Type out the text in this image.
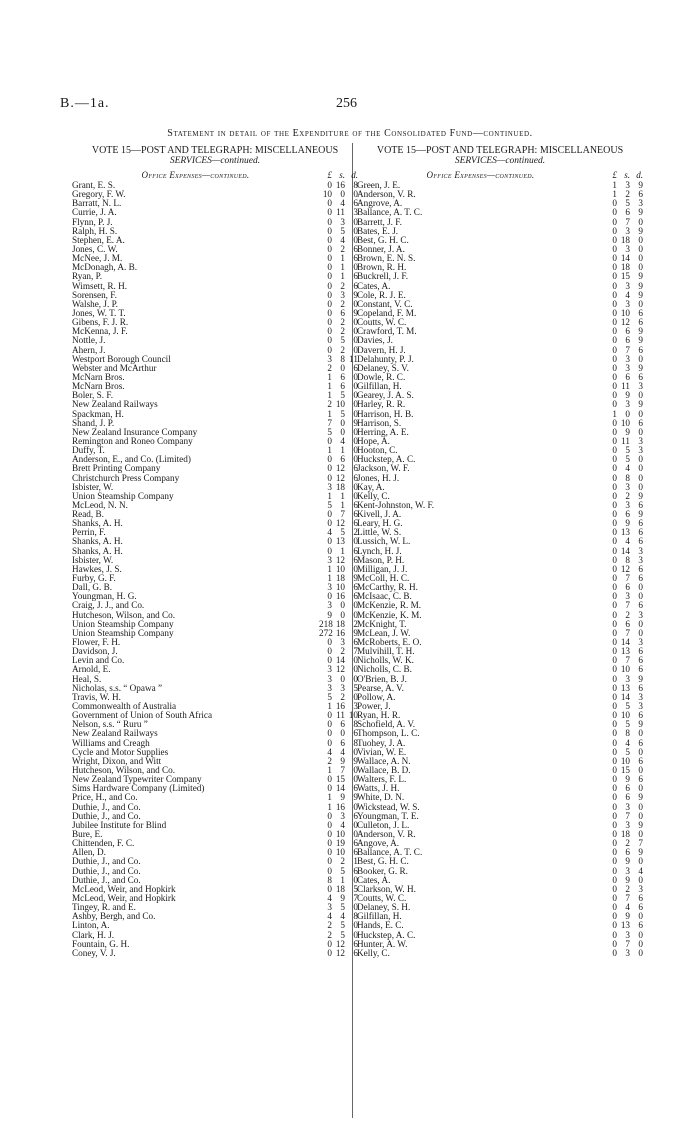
B.—1a.	256
Statement in detail of the Expenditure of the Consolidated Fund—continued.
VOTE 15—POST AND TELEGRAPH: MISCELLANEOUS
SERVICES—continued.
Office Expenses—continued.	£ s. d.
Grant, E. S.	0 16 8
Gregory, F. W.	10 0 0
Barratt, N. L.	0 4 6
Currie, J. A.	0 11 3
Flynn, P. J.	0 3 0
Ralph, H. S.	0 5 0
Stephen, E. A.	0 4 0
Jones, C. W.	0 2 6
McNee, J. M.	0 1 6
McDonagh, A. B.	0 1 0
Ryan, P.	0 1 6
Wimsett, R. H.	0 2 6
Sorensen, F.	0 3 9
Walshe, J. P.	0 2 0
Jones, W. T. T.	0 6 9
Gibens, F. J. R.	0 2 0
McKenna, J. F.	0 2 0
Nottle, J.	0 5 0
Ahern, J.	0 2 0
Westport Borough Council	3 8 11
Webster and McArthur	2 0 6
McNarn Bros.	1 6 0
McNarn Bros.	1 6 0
Boler, S. F.	1 5 0
New Zealand Railways	2 10 0
Spackman, H.	1 5 0
Shand, J. P.	7 0 9
New Zealand Insurance Company	5 0 0
Remington and Roneo Company	0 4 0
Duffy, T.	1 1 0
Anderson, E., and Co. (Limited)	0 6 0
Brett Printing Company	0 12 6
Christchurch Press Company	0 12 6
Isbister, W.	3 18 0
Union Steamship Company	1 1 0
McLeod, N. N.	5 1 6
Read, B.	0 7 6
Shanks, A. H.	0 12 6
Perrin, F.	4 5 2
Shanks, A. H.	0 13 0
Shanks, A. H.	0 1 6
Isbister, W.	3 12 6
Hawkes, J. S.	1 10 0
Furby, G. F.	1 18 9
Dall, G. B.	3 10 6
Youngman, H. G.	0 16 6
Craig, J. J., and Co.	3 0 0
Hutcheson, Wilson, and Co.	9 0 0
Union Steamship Company	218 18 2
Union Steamship Company	272 16 9
Flower, F. H.	0 3 6
Davidson, J.	0 2 7
Levin and Co.	0 14 0
Arnold, E.	3 12 0
Heal, S.	3 0 0
Nicholas, s.s. “ Opawa ”	3 3 5
Travis, W. H.	5 2 0
Commonwealth of Australia	1 16 3
Government of Union of South Africa	0 11 10
Nelson, s.s. “ Ruru ”	0 6 8
New Zealand Railways	0 0 6
Williams and Creagh	0 6 8
Cycle and Motor Supplies	4 4 0
Wright, Dixon, and Witt	2 9 9
Hutcheson, Wilson, and Co.	1 7 0
New Zealand Typewriter Company	0 15 0
Sims Hardware Company (Limited)	0 14 6
Price, H., and Co.	1 9 9
Duthie, J., and Co.	1 16 0
Duthie, J., and Co.	0 3 6
Jubilee Institute for Blind	0 4 0
Bure, E.	0 10 0
Chittenden, F. C.	0 19 6
Allen, D.	0 10 6
Duthie, J., and Co.	0 2 1
Duthie, J., and Co.	0 5 6
Duthie, J., and Co.	8 1 0
McLeod, Weir, and Hopkirk	0 18 5
McLeod, Weir, and Hopkirk	4 9 7
Tingey, R. and E.	3 5 0
Ashby, Bergh, and Co.	4 4 8
Linton, A.	2 5 0
Clark, H. J.	2 5 0
Fountain, G. H.	0 12 6
Coney, V. J.	0 12 6
VOTE 15—POST AND TELEGRAPH: MISCELLANEOUS
SERVICES—continued.
Office Expenses—continued.	£ s. d.
Green, J. E.	1 3 9
Anderson, V. R.	1 2 6
Angrove, A.	0 5 3
Ballance, A. T. C.	0 6 9
Barrett, J. F.	0 7 0
Bates, E. J.	0 3 9
Best, G. H. C.	0 18 0
Bonner, J. A.	0 3 0
Brown, E. N. S.	0 14 0
Brown, R. H.	0 18 0
Buckrell, J. F.	0 15 9
Cates, A.	0 3 9
Cole, R. J. E.	0 4 9
Constant, V. C.	0 3 0
Copeland, F. M.	0 10 6
Coutts, W. C.	0 12 6
Crawford, T. M.	0 6 9
Davies, J.	0 6 9
Davern, H. J.	0 7 6
Delahunty, P. J.	0 3 0
Delaney, S. V.	0 3 9
Dowle, R. C.	0 6 6
Gilfillan, H.	0 11 3
Gearey, J. A. S.	0 9 0
Harley, R. R.	0 3 9
Harrison, H. B.	1 0 0
Harrison, S.	0 10 6
Herring, A. E.	0 9 0
Hope, A.	0 11 3
Hooton, C.	0 5 3
Huckstep, A. C.	0 5 0
Jackson, W. F.	0 4 0
Jones, H. J.	0 8 0
Kay, A.	0 3 0
Kelly, C.	0 2 9
Kent-Johnston, W. F.	0 3 6
Kivell, J. A.	0 6 9
Leary, H. G.	0 9 6
Little, W. S.	0 13 6
Lussich, W. L.	0 4 6
Lynch, H. J.	0 14 3
Mason, P. H.	0 8 3
Milligan, J. J.	0 12 6
McColl, H. C.	0 7 6
McCarthy, R. H.	0 6 0
McIsaac, C. B.	0 3 0
McKenzie, R. M.	0 7 6
McKenzie, K. M.	0 2 3
McKnight, T.	0 6 0
McLean, J. W.	0 7 0
McRoberts, E. O.	0 14 3
Mulvihill, T. H.	0 13 6
Nicholls, W. K.	0 7 6
Nicholls, C. B.	0 10 6
O'Brien, B. J.	0 3 9
Pearse, A. V.	0 13 6
Pollow, A.	0 14 3
Power, J.	0 5 3
Ryan, H. R.	0 10 6
Schofield, A. V.	0 5 9
Thompson, L. C.	0 8 0
Tuohey, J. A.	0 4 6
Vivian, W. E.	0 5 0
Wallace, A. N.	0 10 6
Wallace, B. D.	0 15 0
Walters, F. L.	0 9 6
Watts, J. H.	0 6 0
White, D. N.	0 6 9
Wickstead, W. S.	0 3 0
Youngman, T. E.	0 7 0
Culleton, J. L.	0 3 9
Anderson, V. R.	0 18 0
Angove, A.	0 2 7
Ballance, A. T. C.	0 6 9
Best, G. H. C.	0 9 0
Booker, G. R.	0 3 4
Cates, A.	0 9 0
Clarkson, W. H.	0 2 3
Coutts, W. C.	0 7 6
Delaney, S. H.	0 4 6
Gilfillan, H.	0 9 0
Hands, E. C.	0 13 6
Huckstep, A. C.	0 3 0
Hunter, A. W.	0 7 0
Kelly, C.	0 3 0
